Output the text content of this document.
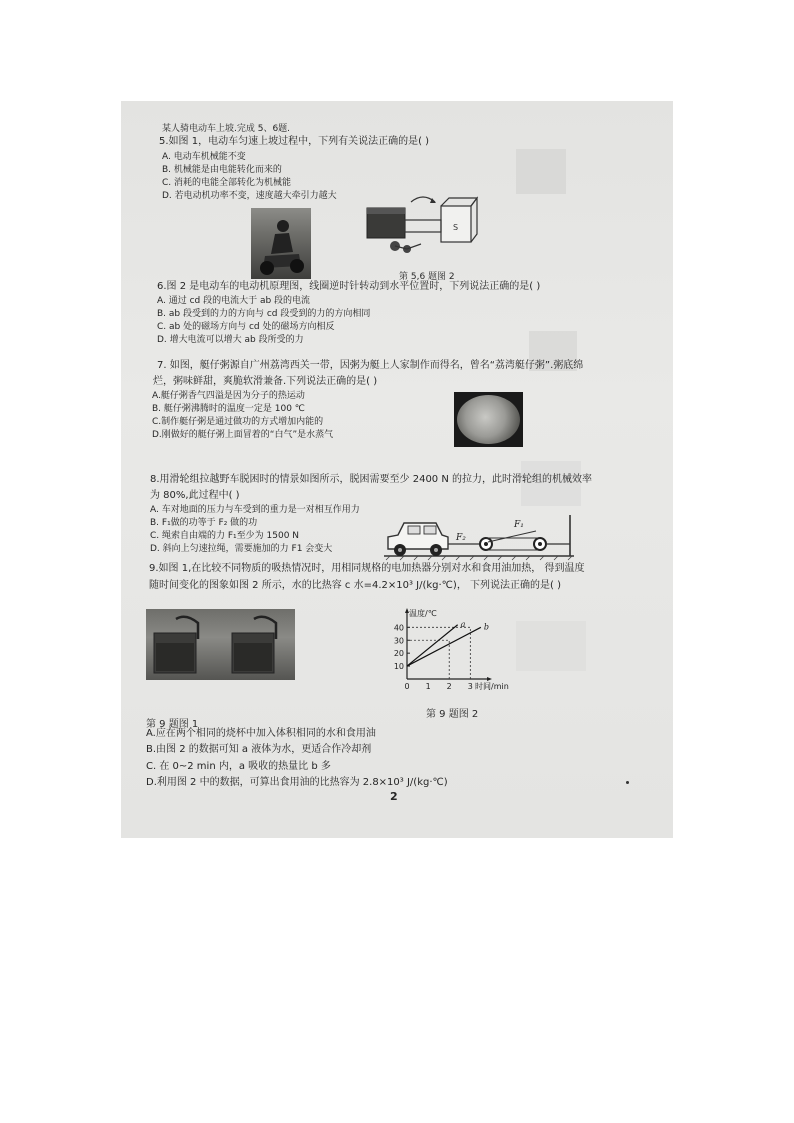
某人骑电动车上坡.完成 5、6题.
5.如图 1，电动车匀速上坡过程中，下列有关说法正确的是( )
A. 电动车机械能不变
B. 机械能是由电能转化而来的
C. 消耗的电能全部转化为机械能
D. 若电动机功率不变，速度越大牵引力越大
S
第 5,6 题图 2
6.图 2 是电动车的电动机原理图，线圈逆时针转动到水平位置时，下列说法正确的是( )
A. 通过 cd 段的电流大于 ab 段的电流
B. ab 段受到的力的方向与 cd 段受到的力的方向相同
C. ab 处的磁场方向与 cd 处的磁场方向相反
D. 增大电流可以增大 ab 段所受的力
7. 如图，艇仔粥源自广州荔湾西关一带，因粥为艇上人家制作而得名，曾名“荔湾艇仔粥”.粥底绵
烂，粥味鲜甜，爽脆软滑兼备.下列说法正确的是( )
A.艇仔粥香气四溢是因为分子的热运动
B. 艇仔粥沸腾时的温度一定是 100 ℃
C.制作艇仔粥是通过做功的方式增加内能的
D.刚做好的艇仔粥上面冒着的“白气”是水蒸气
8.用滑轮组拉越野车脱困时的情景如图所示，脱困需要至少 2400 N 的拉力，此时滑轮组的机械效率
为 80%,此过程中( )
A. 车对地面的压力与车受到的重力是一对相互作用力
B. F₁做的功等于 F₂ 做的功
C. 绳索自由端的力 F₁至少为 1500 N
D. 斜向上匀速拉绳，需要施加的力 F1 会变大
F₂
F₁
9.如图 1,在比较不同物质的吸热情况时，用相同规格的电加热器分别对水和食用油加热， 得到温度
随时间变化的图象如图 2 所示，水的比热容 c 水=4.2×10³ J/(kg·℃)， 下列说法正确的是( )
10
20
30
40
0 1 2 3
a b
温度/℃
时间/min
第 9 题图 1
第 9 题图 2
A.应在两个相同的烧杯中加入体积相同的水和食用油
B.由图 2 的数据可知 a 液体为水，更适合作冷却剂
C. 在 0~2 min 内，a 吸收的热量比 b 多
D.利用图 2 中的数据，可算出食用油的比热容为 2.8×10³ J/(kg·℃)
2
